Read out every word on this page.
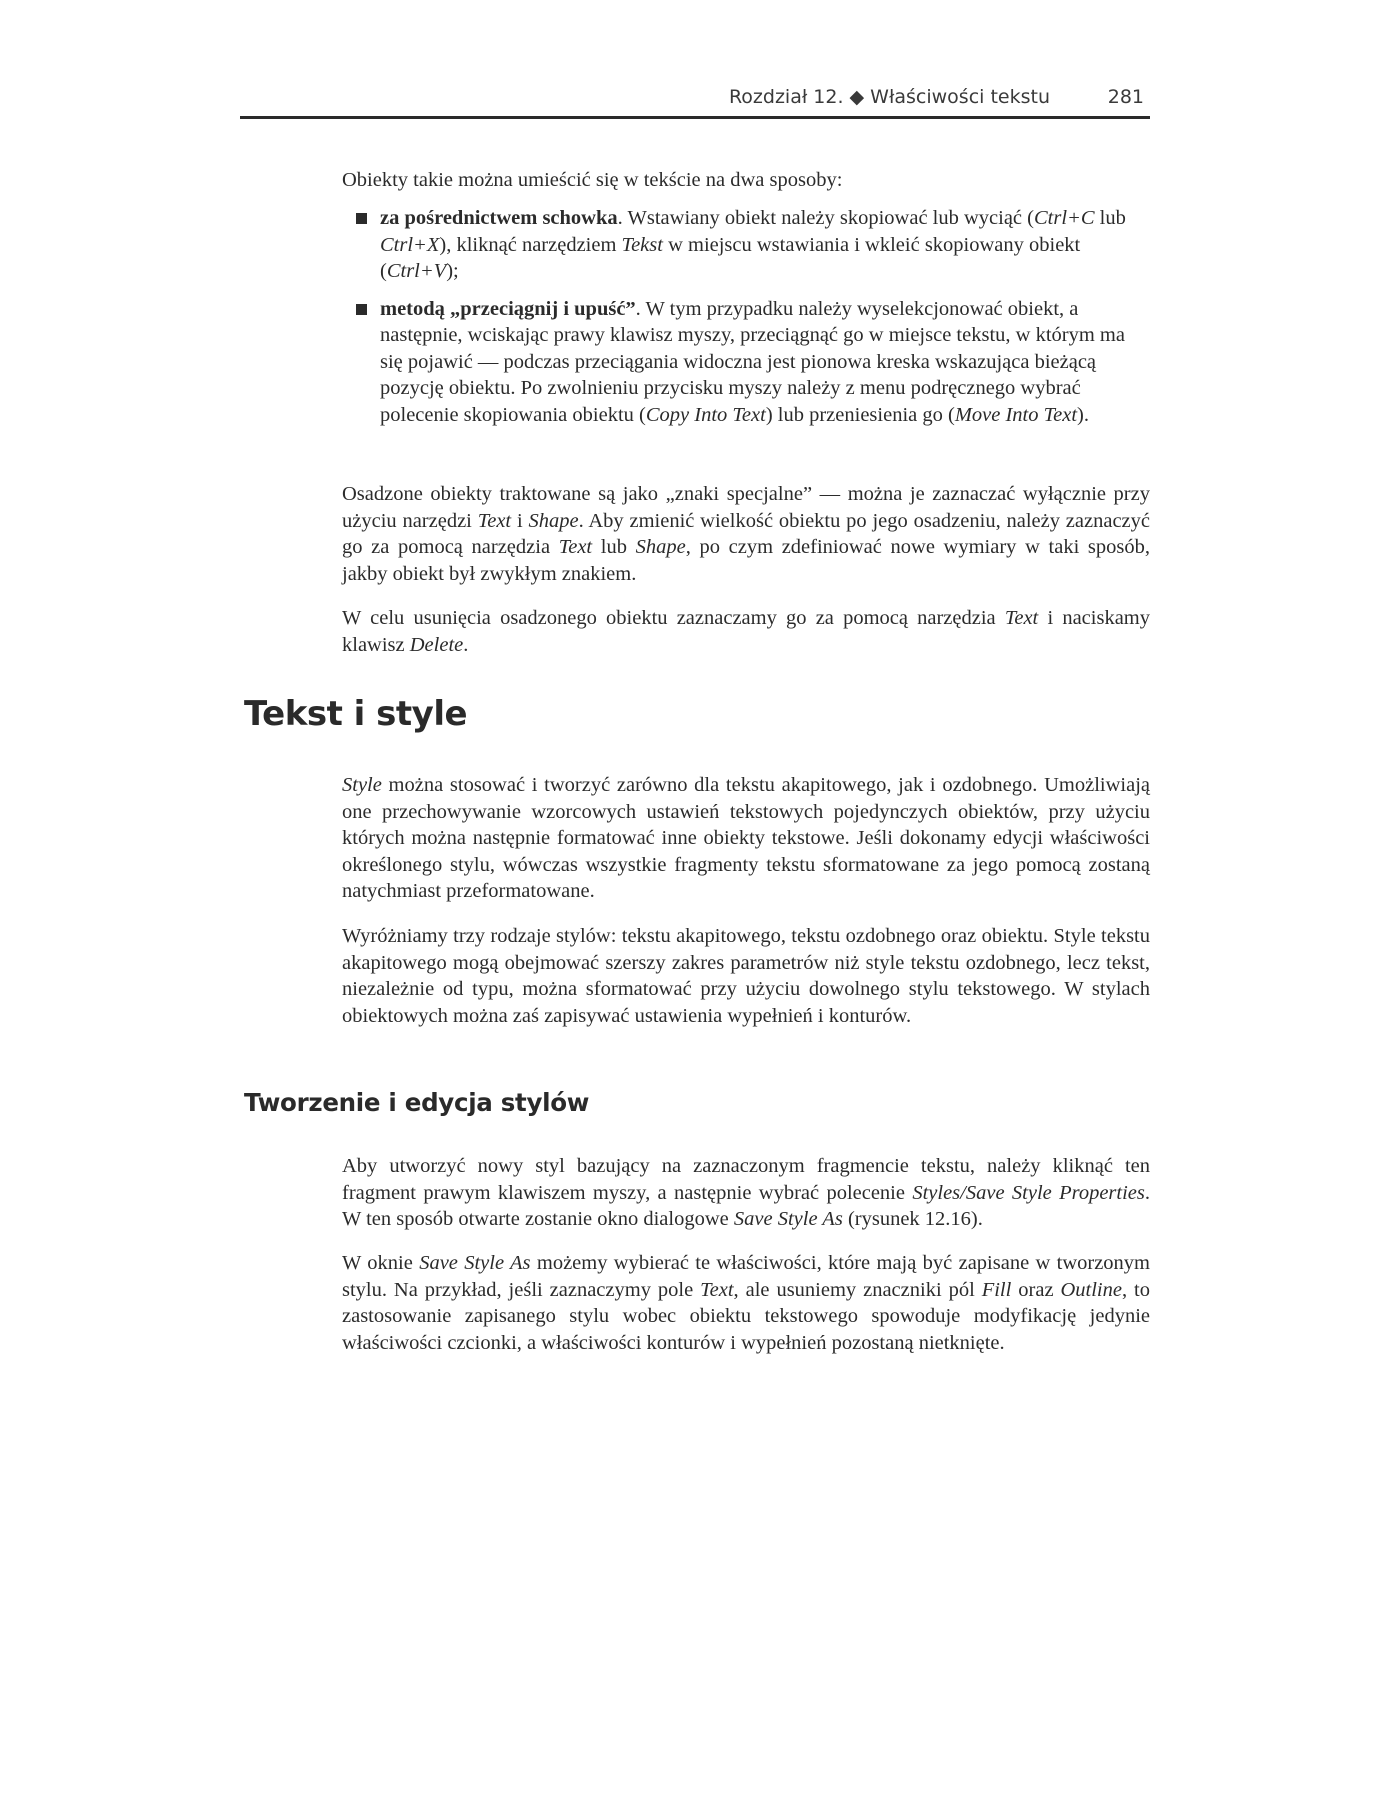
Rozdział 12. ◆ Właściwości tekstu	281

Obiekty takie można umieścić się w tekście na dwa sposoby:

za pośrednictwem schowka. Wstawiany obiekt należy skopiować lub wyciąć (Ctrl+C lub Ctrl+X), kliknąć narzędziem Tekst w miejscu wstawiania i wkleić skopiowany obiekt (Ctrl+V);
metodą „przeciągnij i upuść”. W tym przypadku należy wyselekcjonować obiekt, a następnie, wciskając prawy klawisz myszy, przeciągnąć go w miejsce tekstu, w którym ma się pojawić — podczas przeciągania widoczna jest pionowa kreska wskazująca bieżącą pozycję obiektu. Po zwolnieniu przycisku myszy należy z menu podręcznego wybrać polecenie skopiowania obiektu (Copy Into Text) lub przeniesienia go (Move Into Text).

Osadzone obiekty traktowane są jako „znaki specjalne” — można je zaznaczać wyłącznie przy użyciu narzędzi Text i Shape. Aby zmienić wielkość obiektu po jego osadzeniu, należy zaznaczyć go za pomocą narzędzia Text lub Shape, po czym zdefiniować nowe wymiary w taki sposób, jakby obiekt był zwykłym znakiem.

W celu usunięcia osadzonego obiektu zaznaczamy go za pomocą narzędzia Text i naciskamy klawisz Delete.

Tekst i style

Style można stosować i tworzyć zarówno dla tekstu akapitowego, jak i ozdobnego. Umożliwiają one przechowywanie wzorcowych ustawień tekstowych pojedynczych obiektów, przy użyciu których można następnie formatować inne obiekty tekstowe. Jeśli dokonamy edycji właściwości określonego stylu, wówczas wszystkie fragmenty tekstu sformatowane za jego pomocą zostaną natychmiast przeformatowane.

Wyróżniamy trzy rodzaje stylów: tekstu akapitowego, tekstu ozdobnego oraz obiektu. Style tekstu akapitowego mogą obejmować szerszy zakres parametrów niż style tekstu ozdobnego, lecz tekst, niezależnie od typu, można sformatować przy użyciu dowolnego stylu tekstowego. W stylach obiektowych można zaś zapisywać ustawienia wypełnień i konturów.

Tworzenie i edycja stylów

Aby utworzyć nowy styl bazujący na zaznaczonym fragmencie tekstu, należy kliknąć ten fragment prawym klawiszem myszy, a następnie wybrać polecenie Styles/Save Style Properties. W ten sposób otwarte zostanie okno dialogowe Save Style As (rysunek 12.16).

W oknie Save Style As możemy wybierać te właściwości, które mają być zapisane w tworzonym stylu. Na przykład, jeśli zaznaczymy pole Text, ale usuniemy znaczniki pól Fill oraz Outline, to zastosowanie zapisanego stylu wobec obiektu tekstowego spowoduje modyfikację jedynie właściwości czcionki, a właściwości konturów i wypełnień pozostaną nietknięte.
